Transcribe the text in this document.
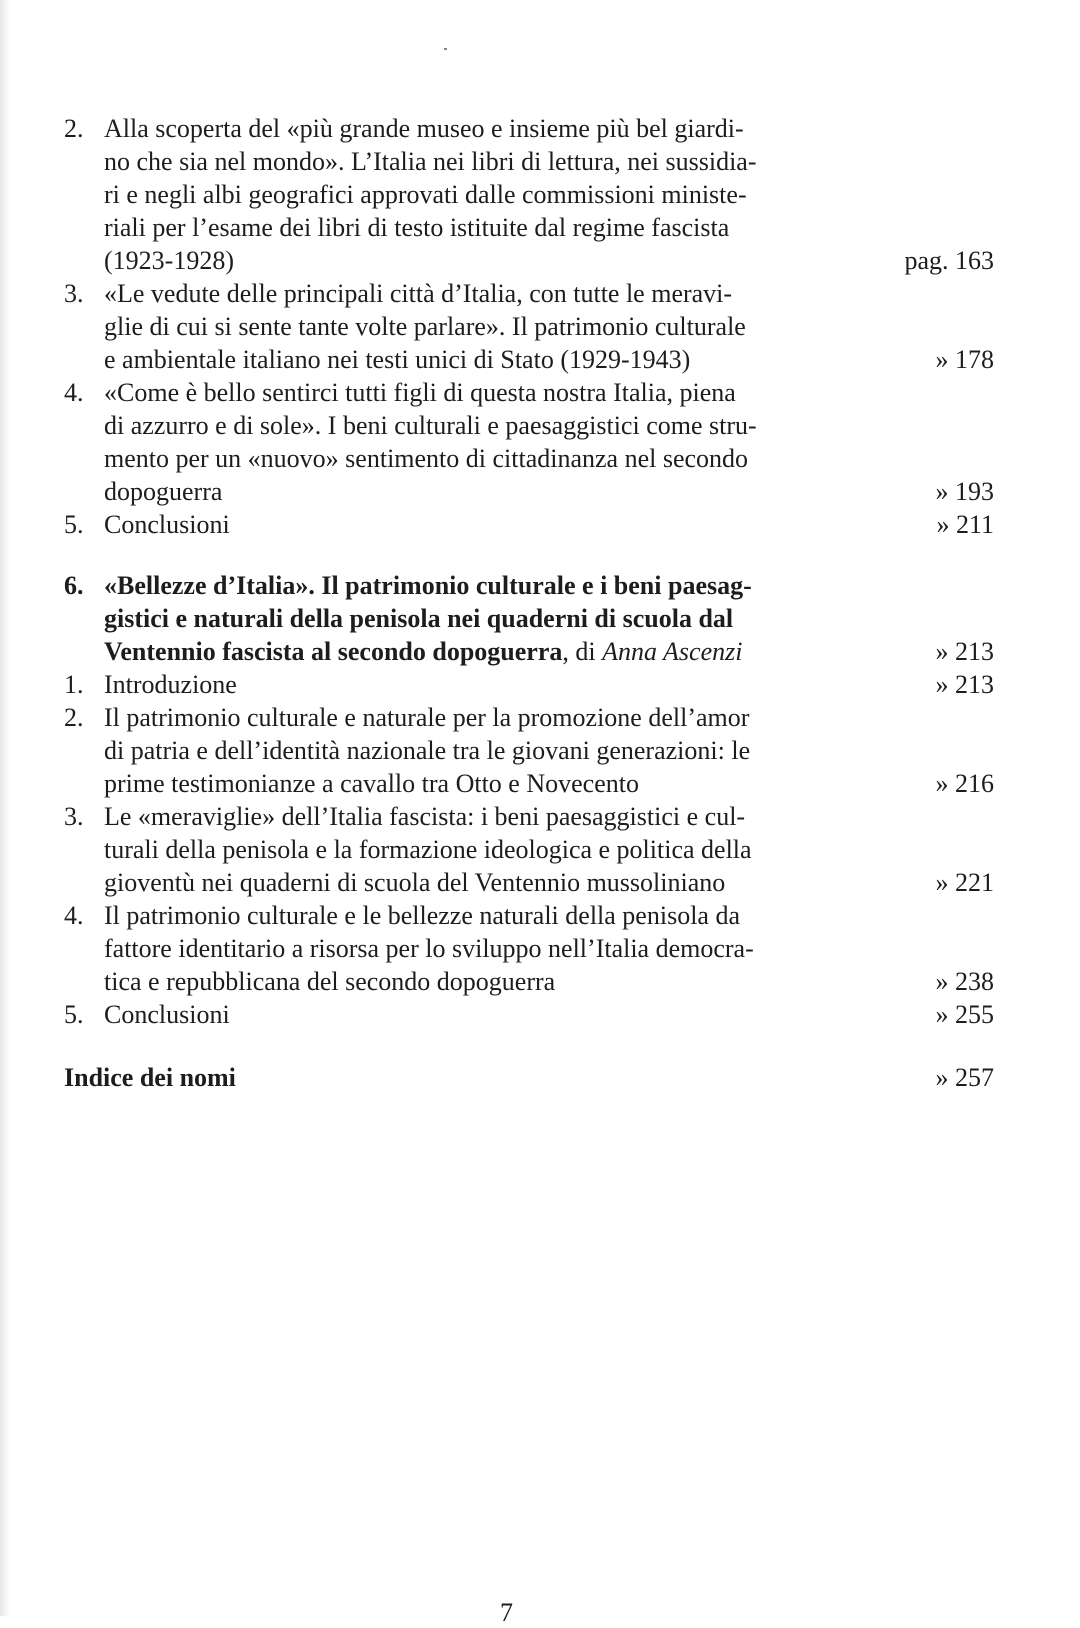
2. Alla scoperta del «più grande museo e insieme più bel giardi-
no che sia nel mondo». L’Italia nei libri di lettura, nei sussidia-
ri e negli albi geografici approvati dalle commissioni ministe-
riali per l’esame dei libri di testo istituite dal regime fascista
(1923-1928)	pag. 163
3. «Le vedute delle principali città d’Italia, con tutte le meravi-
glie di cui si sente tante volte parlare». Il patrimonio culturale
e ambientale italiano nei testi unici di Stato (1929-1943)	» 178
4. «Come è bello sentirci tutti figli di questa nostra Italia, piena
di azzurro e di sole». I beni culturali e paesaggistici come stru-
mento per un «nuovo» sentimento di cittadinanza nel secondo
dopoguerra	» 193
5. Conclusioni	» 211
6. «Bellezze d’Italia». Il patrimonio culturale e i beni paesag-
gistici e naturali della penisola nei quaderni di scuola dal
Ventennio fascista al secondo dopoguerra, di Anna Ascenzi	» 213
1. Introduzione	» 213
2. Il patrimonio culturale e naturale per la promozione dell’amor
di patria e dell’identità nazionale tra le giovani generazioni: le
prime testimonianze a cavallo tra Otto e Novecento	» 216
3. Le «meraviglie» dell’Italia fascista: i beni paesaggistici e cul-
turali della penisola e la formazione ideologica e politica della
gioventù nei quaderni di scuola del Ventennio mussoliniano	» 221
4. Il patrimonio culturale e le bellezze naturali della penisola da
fattore identitario a risorsa per lo sviluppo nell’Italia democra-
tica e repubblicana del secondo dopoguerra	» 238
5. Conclusioni	» 255
Indice dei nomi	» 257
7
